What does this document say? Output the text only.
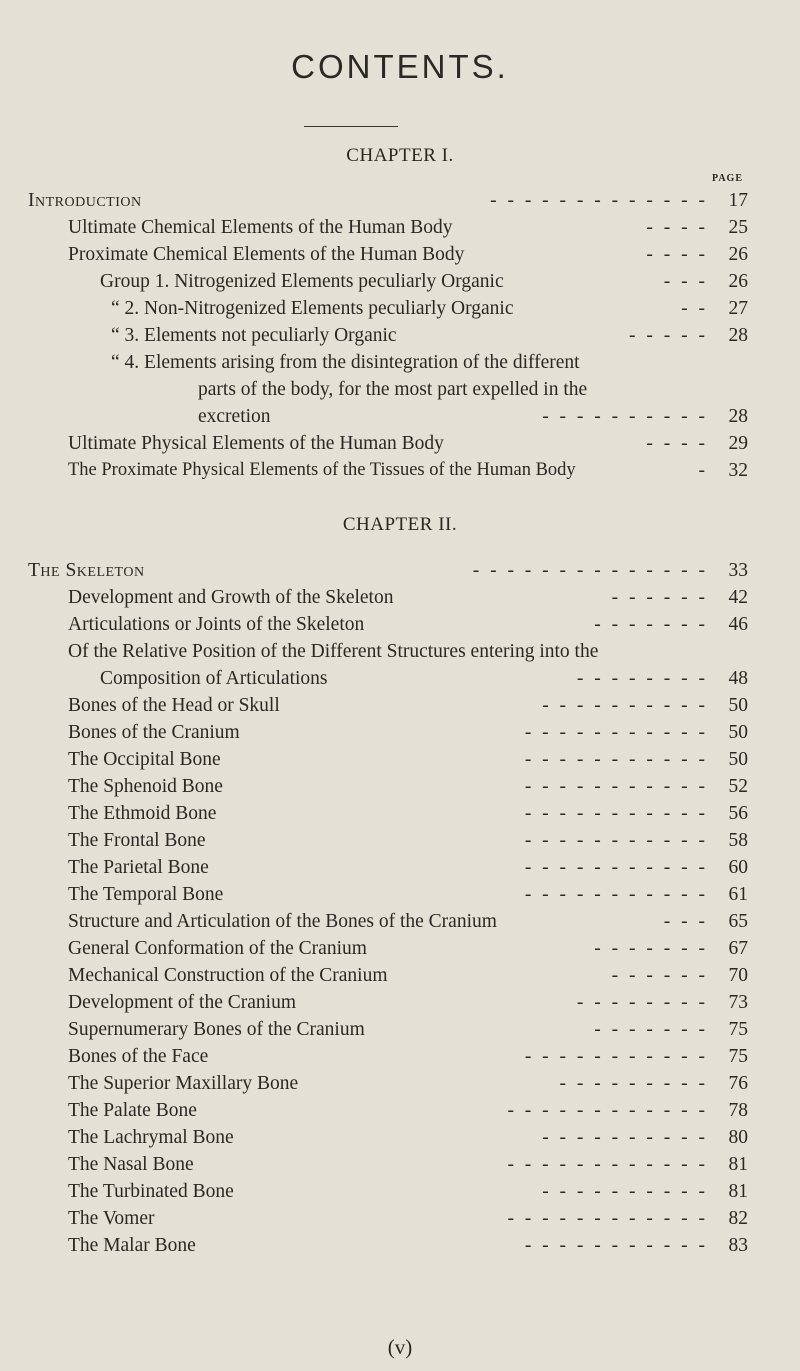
CONTENTS.
CHAPTER I.
PAGE
Introduction	- - - - - - - - - - - - -	17
Ultimate Chemical Elements of the Human Body	- - - -	25
Proximate Chemical Elements of the Human Body	- - - -	26
Group 1. Nitrogenized Elements peculiarly Organic	- - -	26
“ 2. Non-Nitrogenized Elements peculiarly Organic	- -	27
“ 3. Elements not peculiarly Organic	- - - - -	28
“ 4. Elements arising from the disintegration of the different
parts of the body, for the most part expelled in the
excretion	- - - - - - - - - -	28
Ultimate Physical Elements of the Human Body	- - - -	29
The Proximate Physical Elements of the Tissues of the Human Body	-	32
CHAPTER II.
The Skeleton	- - - - - - - - - - - - - -	33
Development and Growth of the Skeleton	- - - - - -	42
Articulations or Joints of the Skeleton	- - - - - - -	46
Of the Relative Position of the Different Structures entering into the
Composition of Articulations	- - - - - - - -	48
Bones of the Head or Skull	- - - - - - - - - -	50
Bones of the Cranium	- - - - - - - - - - -	50
The Occipital Bone	- - - - - - - - - - -	50
The Sphenoid Bone	- - - - - - - - - - -	52
The Ethmoid Bone	- - - - - - - - - - -	56
The Frontal Bone	- - - - - - - - - - -	58
The Parietal Bone	- - - - - - - - - - -	60
The Temporal Bone	- - - - - - - - - - -	61
Structure and Articulation of the Bones of the Cranium	- - -	65
General Conformation of the Cranium	- - - - - - -	67
Mechanical Construction of the Cranium	- - - - - -	70
Development of the Cranium	- - - - - - - -	73
Supernumerary Bones of the Cranium	- - - - - - -	75
Bones of the Face	- - - - - - - - - - -	75
The Superior Maxillary Bone	- - - - - - - - -	76
The Palate Bone	- - - - - - - - - - - -	78
The Lachrymal Bone	- - - - - - - - - -	80
The Nasal Bone	- - - - - - - - - - - -	81
The Turbinated Bone	- - - - - - - - - -	81
The Vomer	- - - - - - - - - - - -	82
The Malar Bone	- - - - - - - - - - -	83
(v)
